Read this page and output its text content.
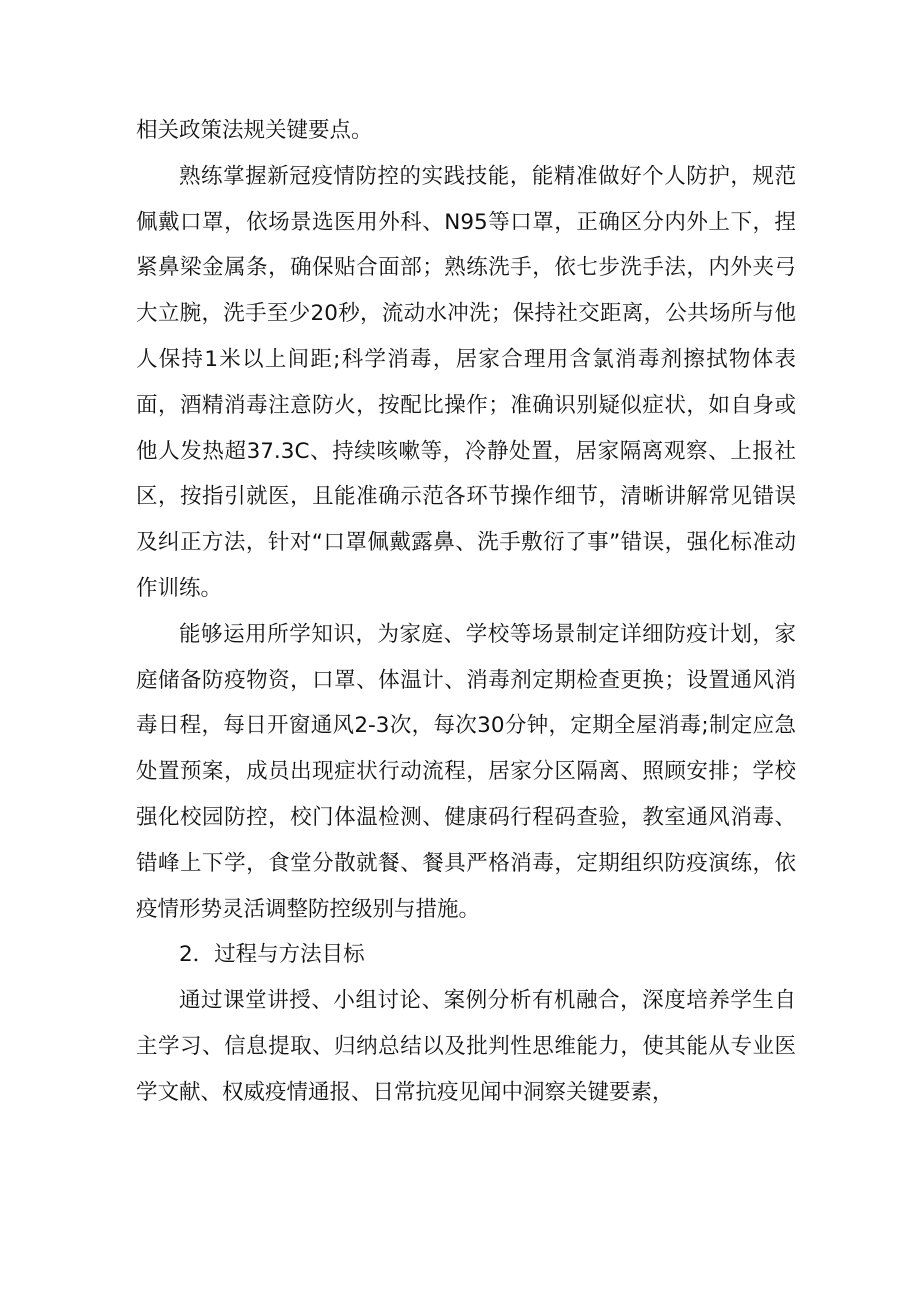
相关政策法规关键要点。

熟练掌握新冠疫情防控的实践技能，能精准做好个人防护，规范佩戴口罩，依场景选医用外科、N95等口罩，正确区分内外上下，捏紧鼻梁金属条，确保贴合面部；熟练洗手，依七步洗手法，内外夹弓大立腕，洗手至少20秒，流动水冲洗；保持社交距离，公共场所与他人保持1米以上间距;科学消毒，居家合理用含氯消毒剂擦拭物体表面，酒精消毒注意防火，按配比操作；准确识别疑似症状，如自身或他人发热超37.3C、持续咳嗽等，冷静处置，居家隔离观察、上报社区，按指引就医，且能准确示范各环节操作细节，清晰讲解常见错误及纠正方法，针对“口罩佩戴露鼻、洗手敷衍了事”错误，强化标准动作训练。

能够运用所学知识，为家庭、学校等场景制定详细防疫计划，家庭储备防疫物资，口罩、体温计、消毒剂定期检查更换；设置通风消毒日程，每日开窗通风2-3次，每次30分钟，定期全屋消毒;制定应急处置预案，成员出现症状行动流程，居家分区隔离、照顾安排；学校强化校园防控，校门体温检测、健康码行程码查验，教室通风消毒、错峰上下学，食堂分散就餐、餐具严格消毒，定期组织防疫演练，依疫情形势灵活调整防控级别与措施。

2．过程与方法目标

通过课堂讲授、小组讨论、案例分析有机融合，深度培养学生自主学习、信息提取、归纳总结以及批判性思维能力，使其能从专业医学文献、权威疫情通报、日常抗疫见闻中洞察关键要素，
